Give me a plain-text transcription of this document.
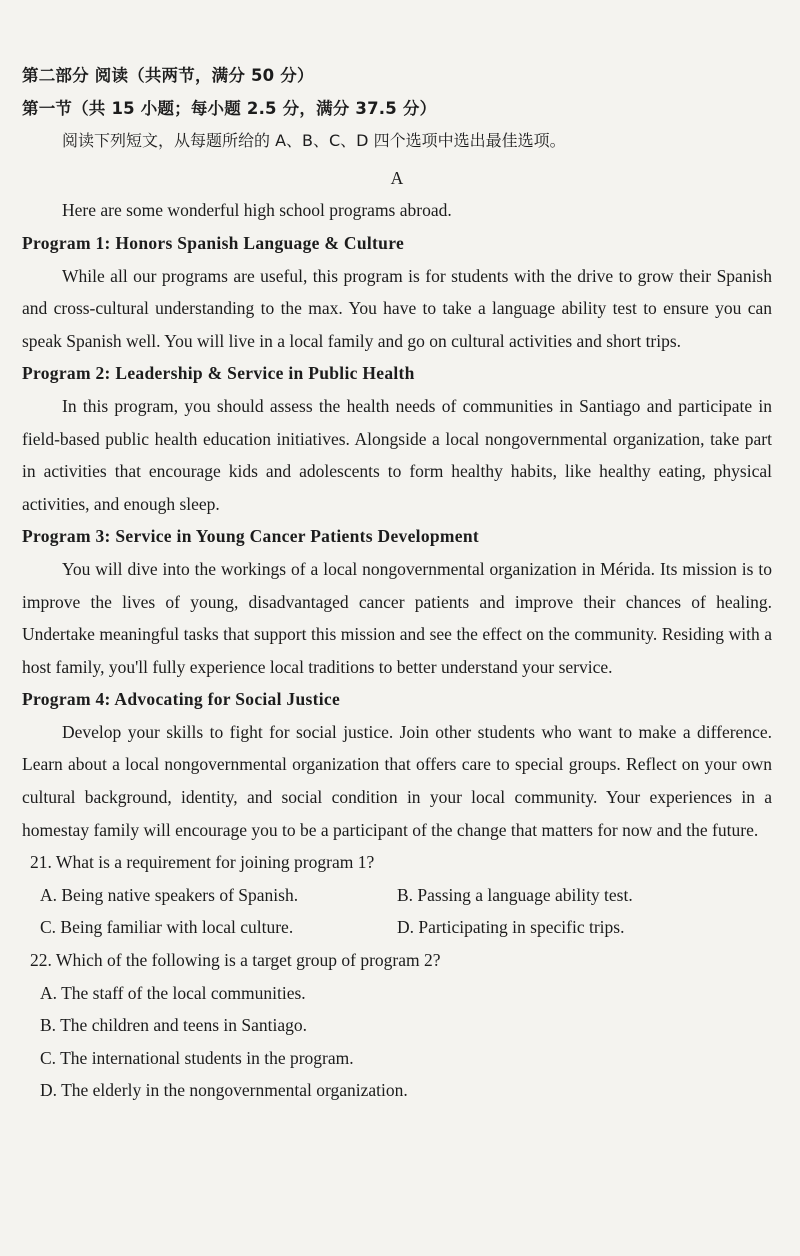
第二部分 阅读（共两节，满分 50 分）

第一节（共 15 小题；每小题 2.5 分，满分 37.5 分）

阅读下列短文，从每题所给的 A、B、C、D 四个选项中选出最佳选项。

A

Here are some wonderful high school programs abroad.

Program 1: Honors Spanish Language & Culture

While all our programs are useful, this program is for students with the drive to grow their Spanish and cross-cultural understanding to the max. You have to take a language ability test to ensure you can speak Spanish well. You will live in a local family and go on cultural activities and short trips.

Program 2: Leadership & Service in Public Health

In this program, you should assess the health needs of communities in Santiago and participate in field-based public health education initiatives. Alongside a local nongovernmental organization, take part in activities that encourage kids and adolescents to form healthy habits, like healthy eating, physical activities, and enough sleep.

Program 3: Service in Young Cancer Patients Development

You will dive into the workings of a local nongovernmental organization in Mérida. Its mission is to improve the lives of young, disadvantaged cancer patients and improve their chances of healing. Undertake meaningful tasks that support this mission and see the effect on the community. Residing with a host family, you'll fully experience local traditions to better understand your service.

Program 4: Advocating for Social Justice

Develop your skills to fight for social justice. Join other students who want to make a difference. Learn about a local nongovernmental organization that offers care to special groups. Reflect on your own cultural background, identity, and social condition in your local community. Your experiences in a homestay family will encourage you to be a participant of the change that matters for now and the future.

21. What is a requirement for joining program 1?

A. Being native speakers of Spanish.	B. Passing a language ability test.
C. Being familiar with local culture.	D. Participating in specific trips.

22. Which of the following is a target group of program 2?

A. The staff of the local communities.

B. The children and teens in Santiago.

C. The international students in the program.

D. The elderly in the nongovernmental organization.
